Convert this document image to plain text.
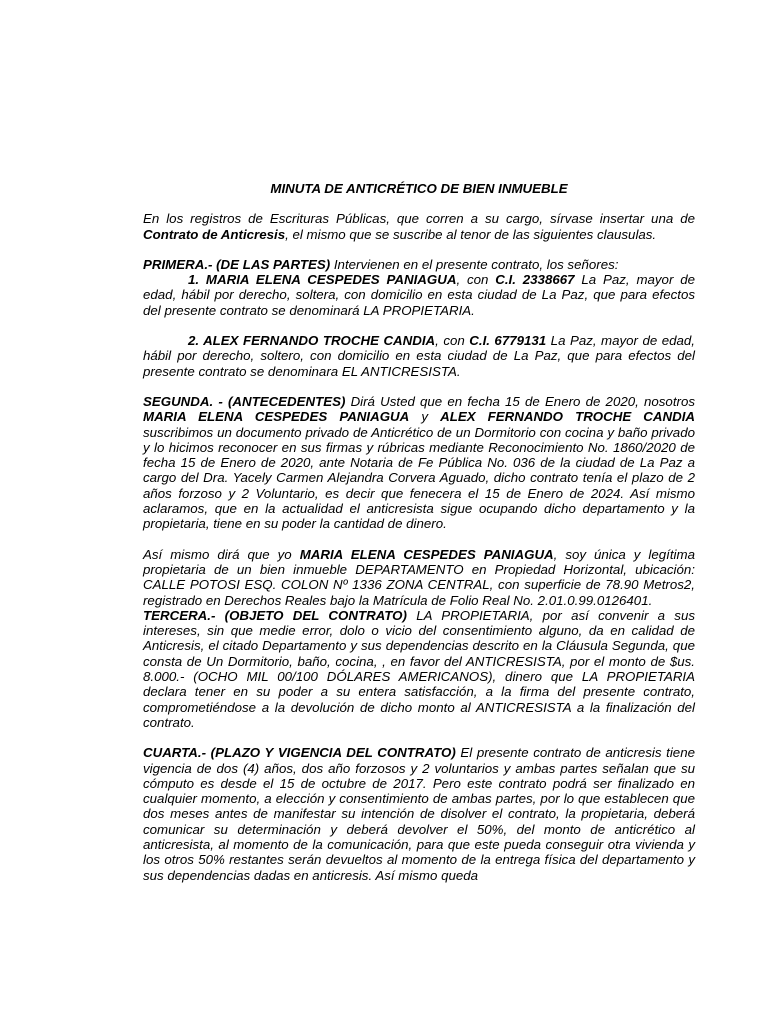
MINUTA DE ANTICRÉTICO DE BIEN INMUEBLE

En los registros de Escrituras Públicas, que corren a su cargo, sírvase insertar una de Contrato de Anticresis, el mismo que se suscribe al tenor de las siguientes clausulas.

PRIMERA.- (DE LAS PARTES) Intervienen en el presente contrato, los señores:

1. MARIA ELENA CESPEDES PANIAGUA, con C.I. 2338667 La Paz, mayor de edad, hábil por derecho, soltera, con domicilio en esta ciudad de La Paz, que para efectos del presente contrato se denominará LA PROPIETARIA.

2. ALEX FERNANDO TROCHE CANDIA, con C.I. 6779131 La Paz, mayor de edad, hábil por derecho, soltero, con domicilio en esta ciudad de La Paz, que para efectos del presente contrato se denominara EL ANTICRESISTA.

SEGUNDA. - (ANTECEDENTES) Dirá Usted que en fecha 15 de Enero de 2020, nosotros MARIA ELENA CESPEDES PANIAGUA y ALEX FERNANDO TROCHE CANDIA suscribimos un documento privado de Anticrético de un Dormitorio con cocina y baño privado y lo hicimos reconocer en sus firmas y rúbricas mediante Reconocimiento No. 1860/2020 de fecha 15 de Enero de 2020, ante Notaria de Fe Pública No. 036 de la ciudad de La Paz a cargo del Dra. Yacely Carmen Alejandra Corvera Aguado, dicho contrato tenía el plazo de 2 años forzoso y 2 Voluntario, es decir que fenecera el 15 de Enero de 2024. Así mismo aclaramos, que en la actualidad el anticresista sigue ocupando dicho departamento y la propietaria, tiene en su poder la cantidad de dinero.

Así mismo dirá que yo MARIA ELENA CESPEDES PANIAGUA, soy única y legítima propietaria de un bien inmueble DEPARTAMENTO en Propiedad Horizontal, ubicación: CALLE POTOSI ESQ. COLON Nº 1336 ZONA CENTRAL, con superficie de 78.90 Metros2, registrado en Derechos Reales bajo la Matrícula de Folio Real No. 2.01.0.99.0126401.

TERCERA.- (OBJETO DEL CONTRATO) LA PROPIETARIA, por así convenir a sus intereses, sin que medie error, dolo o vicio del consentimiento alguno, da en calidad de Anticresis, el citado Departamento y sus dependencias descrito en la Cláusula Segunda, que consta de Un Dormitorio, baño, cocina, , en favor del ANTICRESISTA, por el monto de $us. 8.000.- (OCHO MIL 00/100 DÓLARES AMERICANOS), dinero que LA PROPIETARIA declara tener en su poder a su entera satisfacción, a la firma del presente contrato, comprometiéndose a la devolución de dicho monto al ANTICRESISTA a la finalización del contrato.

CUARTA.- (PLAZO Y VIGENCIA DEL CONTRATO) El presente contrato de anticresis tiene vigencia de dos (4) años, dos año forzosos y 2 voluntarios y ambas partes señalan que su cómputo es desde el 15 de octubre de 2017. Pero este contrato podrá ser finalizado en cualquier momento, a elección y consentimiento de ambas partes, por lo que establecen que dos meses antes de manifestar su intención de disolver el contrato, la propietaria, deberá comunicar su determinación y deberá devolver el 50%, del monto de anticrético al anticresista, al momento de la comunicación, para que este pueda conseguir otra vivienda y los otros 50% restantes serán devueltos al momento de la entrega física del departamento y sus dependencias dadas en anticresis. Así mismo queda
